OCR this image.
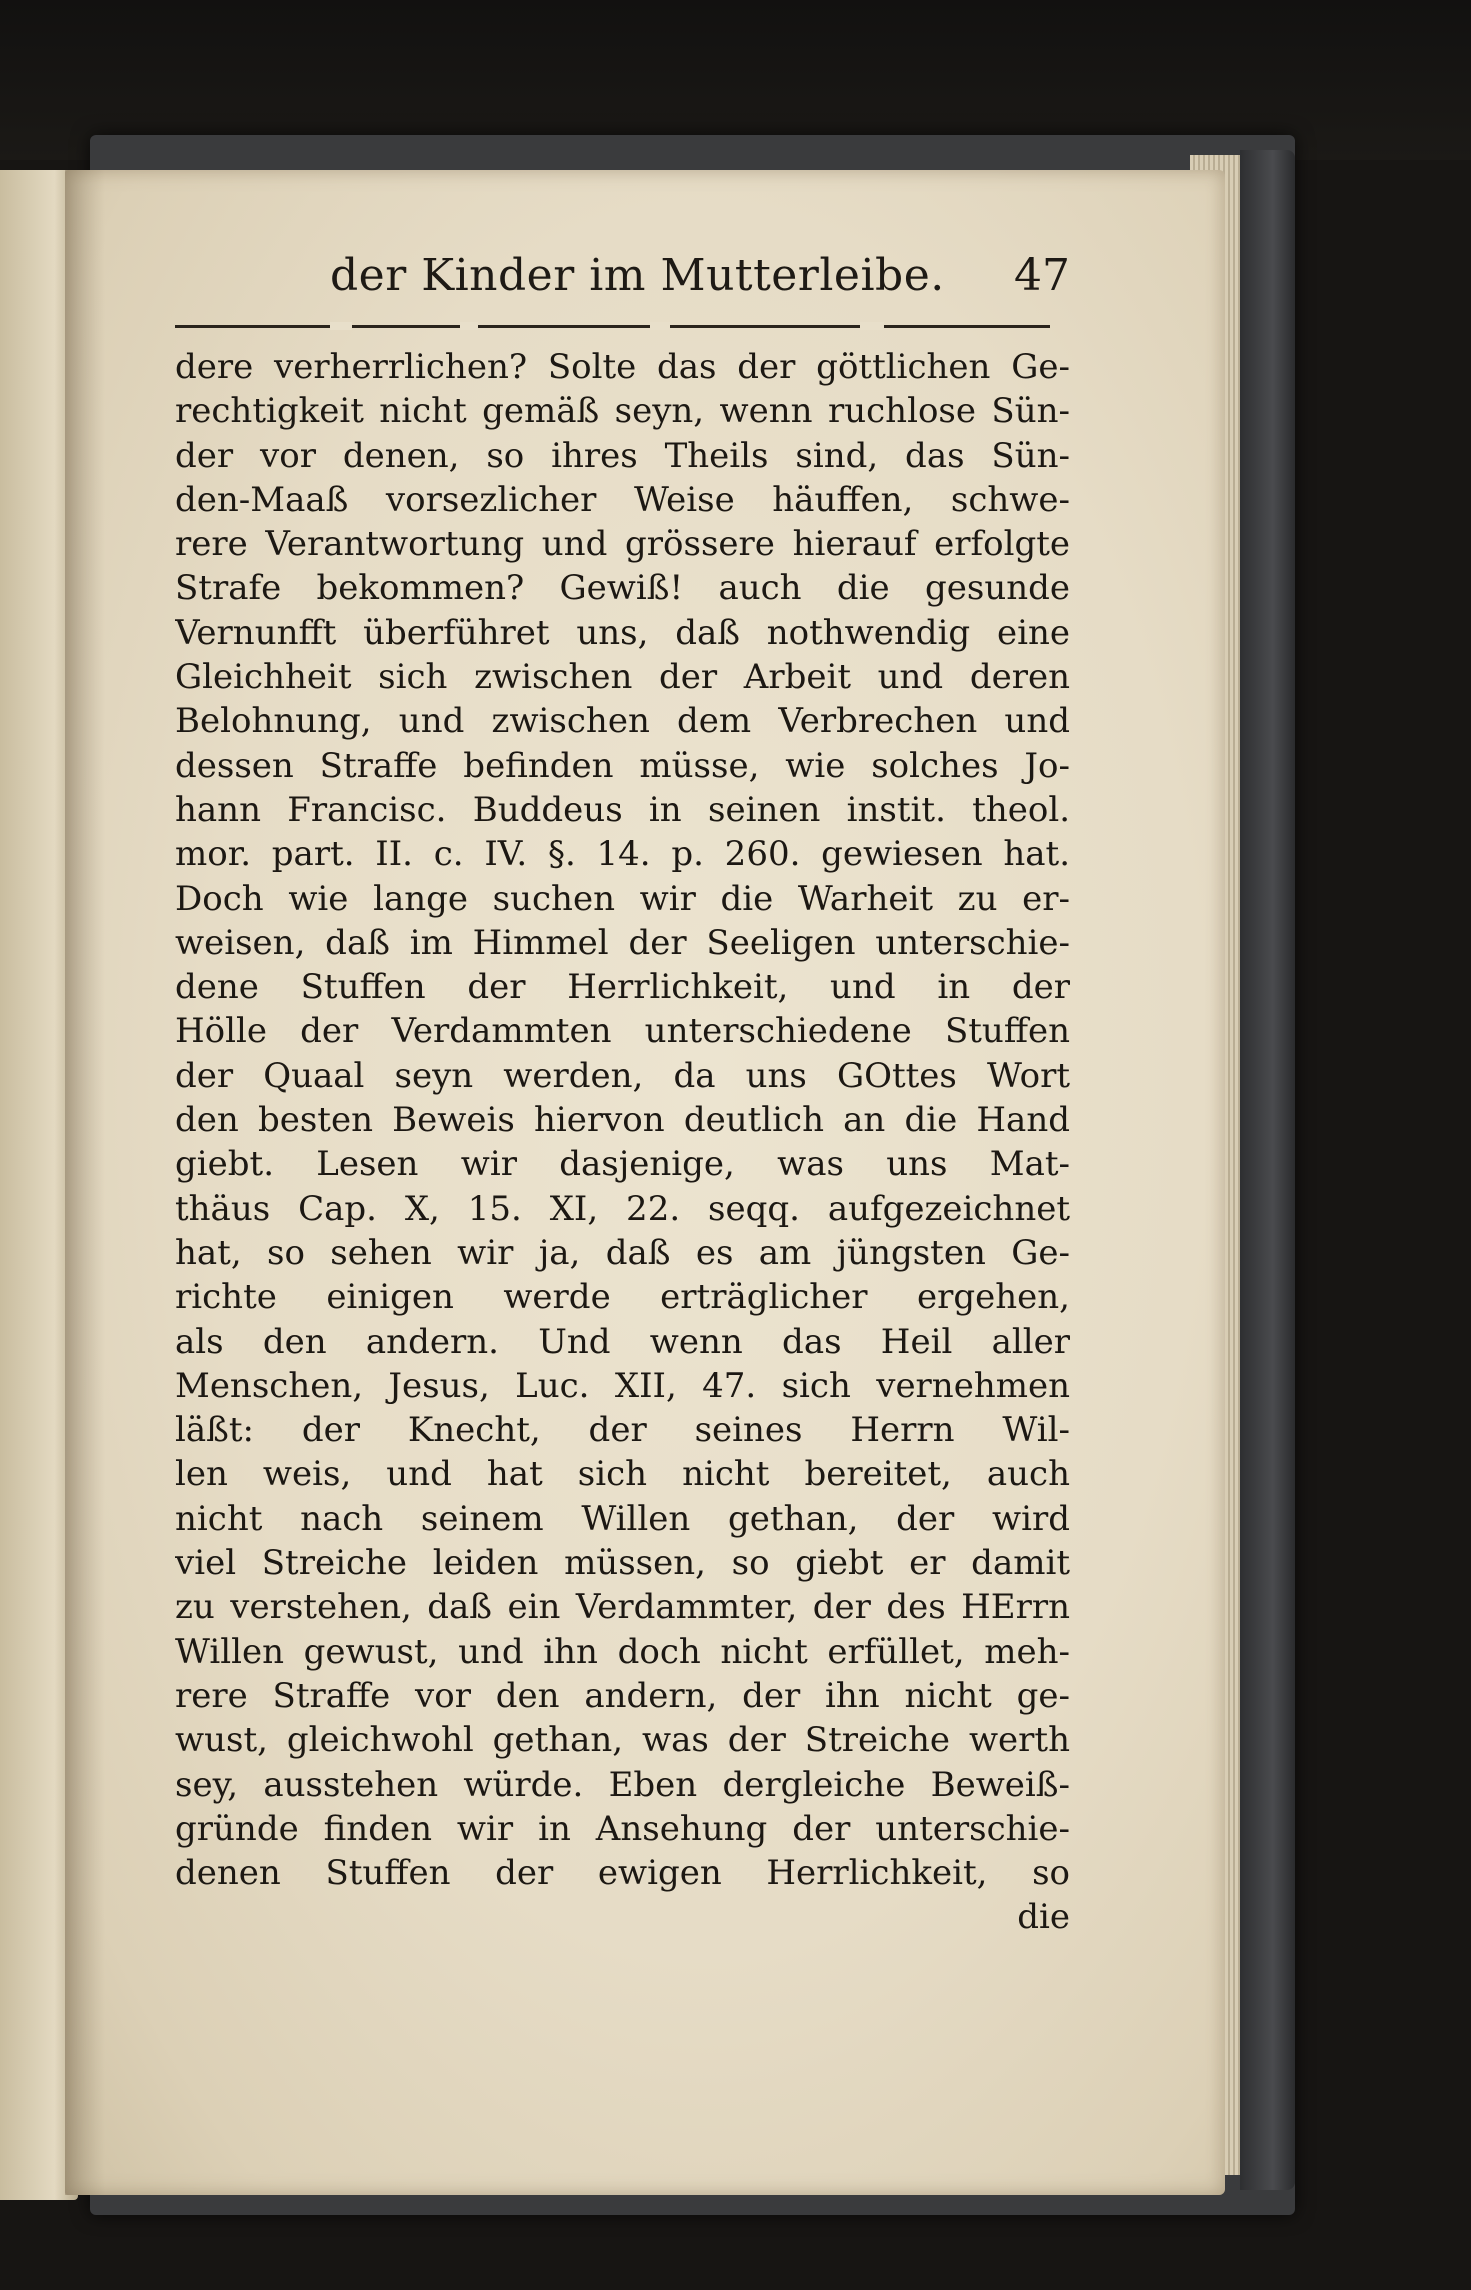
der Kinder im Mutterleibe.	47
dere verherrlichen? Solte das der göttlichen Ge-
rechtigkeit nicht gemäß seyn, wenn ruchlose Sün-
der vor denen, so ihres Theils sind, das Sün-
den-Maaß vorsezlicher Weise häuffen, schwe-
rere Verantwortung und grössere hierauf erfolgte
Strafe bekommen? Gewiß! auch die gesunde
Vernunfft überführet uns, daß nothwendig eine
Gleichheit sich zwischen der Arbeit und deren
Belohnung, und zwischen dem Verbrechen und
dessen Straffe befinden müsse, wie solches Jo-
hann Francisc. Buddeus in seinen instit. theol.
mor. part. II. c. IV. §. 14. p. 260. gewiesen hat.
Doch wie lange suchen wir die Warheit zu er-
weisen, daß im Himmel der Seeligen unterschie-
dene Stuffen der Herrlichkeit, und in der
Hölle der Verdammten unterschiedene Stuffen
der Quaal seyn werden, da uns GOttes Wort
den besten Beweis hiervon deutlich an die Hand
giebt. Lesen wir dasjenige, was uns Mat-
thäus Cap. X, 15. XI, 22. seqq. aufgezeichnet
hat, so sehen wir ja, daß es am jüngsten Ge-
richte einigen werde erträglicher ergehen,
als den andern. Und wenn das Heil aller
Menschen, Jesus, Luc. XII, 47. sich vernehmen
läßt: der Knecht, der seines Herrn Wil-
len weis, und hat sich nicht bereitet, auch
nicht nach seinem Willen gethan, der wird
viel Streiche leiden müssen, so giebt er damit
zu verstehen, daß ein Verdammter, der des HErrn
Willen gewust, und ihn doch nicht erfüllet, meh-
rere Straffe vor den andern, der ihn nicht ge-
wust, gleichwohl gethan, was der Streiche werth
sey, ausstehen würde. Eben dergleiche Beweiß-
gründe finden wir in Ansehung der unterschie-
denen Stuffen der ewigen Herrlichkeit, so
die
